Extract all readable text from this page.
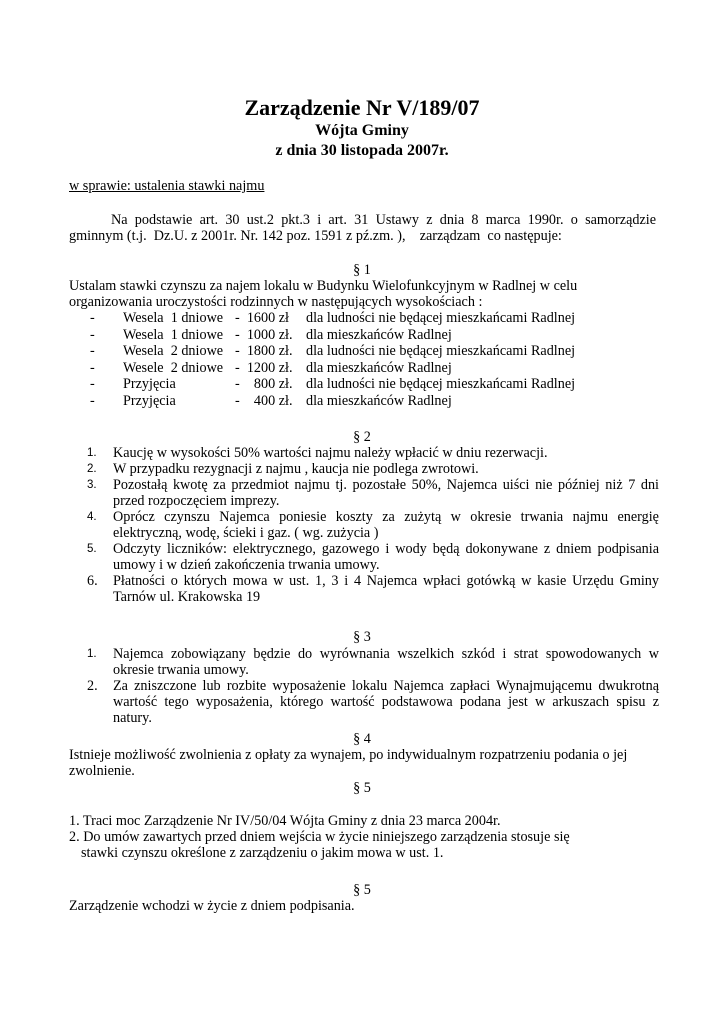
Zarządzenie Nr V/189/07
Wójta Gminy
z dnia 30 listopada 2007r.
w sprawie: ustalenia stawki najmu
Na podstawie art. 30 ust.2 pkt.3 i art. 31 Ustawy z dnia 8 marca 1990r. o samorządzie
gminnym (t.j.  Dz.U. z 2001r. Nr. 142 poz. 1591 z pź.zm. ),    zarządzam  co następuje:
§ 1
Ustalam stawki czynszu za najem lokalu w Budynku Wielofunkcyjnym w Radlnej w celu organizowania uroczystości rodzinnych w następujących wysokościach :
- Wesela  1 dniowe -  1600 zł dla ludności nie będącej mieszkańcami Radlnej
- Wesela  1 dniowe -  1000 zł. dla mieszkańców Radlnej
- Wesela  2 dniowe -  1800 zł. dla ludności nie będącej mieszkańcami Radlnej
- Wesele  2 dniowe -  1200 zł. dla mieszkańców Radlnej
- Przyjęcia	-    800 zł. dla ludności nie będącej mieszkańcami Radlnej
- Przyjęcia	-    400 zł. dla mieszkańców Radlnej
§ 2
1. Kaucję w wysokości 50% wartości najmu należy wpłacić w dniu rezerwacji.
2. W przypadku rezygnacji z najmu , kaucja nie podlega zwrotowi.
3. Pozostałą kwotę za przedmiot najmu tj. pozostałe 50%, Najemca uiści nie później niż 7 dni przed rozpoczęciem imprezy.
4. Oprócz czynszu Najemca poniesie koszty za zużytą w okresie trwania najmu energię elektryczną, wodę, ścieki i gaz. ( wg. zużycia )
5. Odczyty liczników: elektrycznego, gazowego i wody będą dokonywane z dniem podpisania umowy i w dzień zakończenia trwania umowy.
6. Płatności o których mowa w ust. 1, 3 i 4 Najemca wpłaci gotówką w kasie Urzędu Gminy Tarnów ul. Krakowska 19
§ 3
1. Najemca zobowiązany będzie do wyrównania wszelkich szkód i strat spowodowanych w okresie trwania umowy.
2. Za zniszczone lub rozbite wyposażenie lokalu Najemca zapłaci Wynajmującemu dwukrotną wartość tego wyposażenia, którego wartość podstawowa podana jest w arkuszach spisu z natury.
§ 4
Istnieje możliwość zwolnienia z opłaty za wynajem, po indywidualnym rozpatrzeniu podania o jej zwolnienie.
§ 5
1. Traci moc Zarządzenie Nr IV/50/04 Wójta Gminy z dnia 23 marca 2004r.
2. Do umów zawartych przed dniem wejścia w życie niniejszego zarządzenia stosuje się
stawki czynszu określone z zarządzeniu o jakim mowa w ust. 1.
§ 5
Zarządzenie wchodzi w życie z dniem podpisania.
